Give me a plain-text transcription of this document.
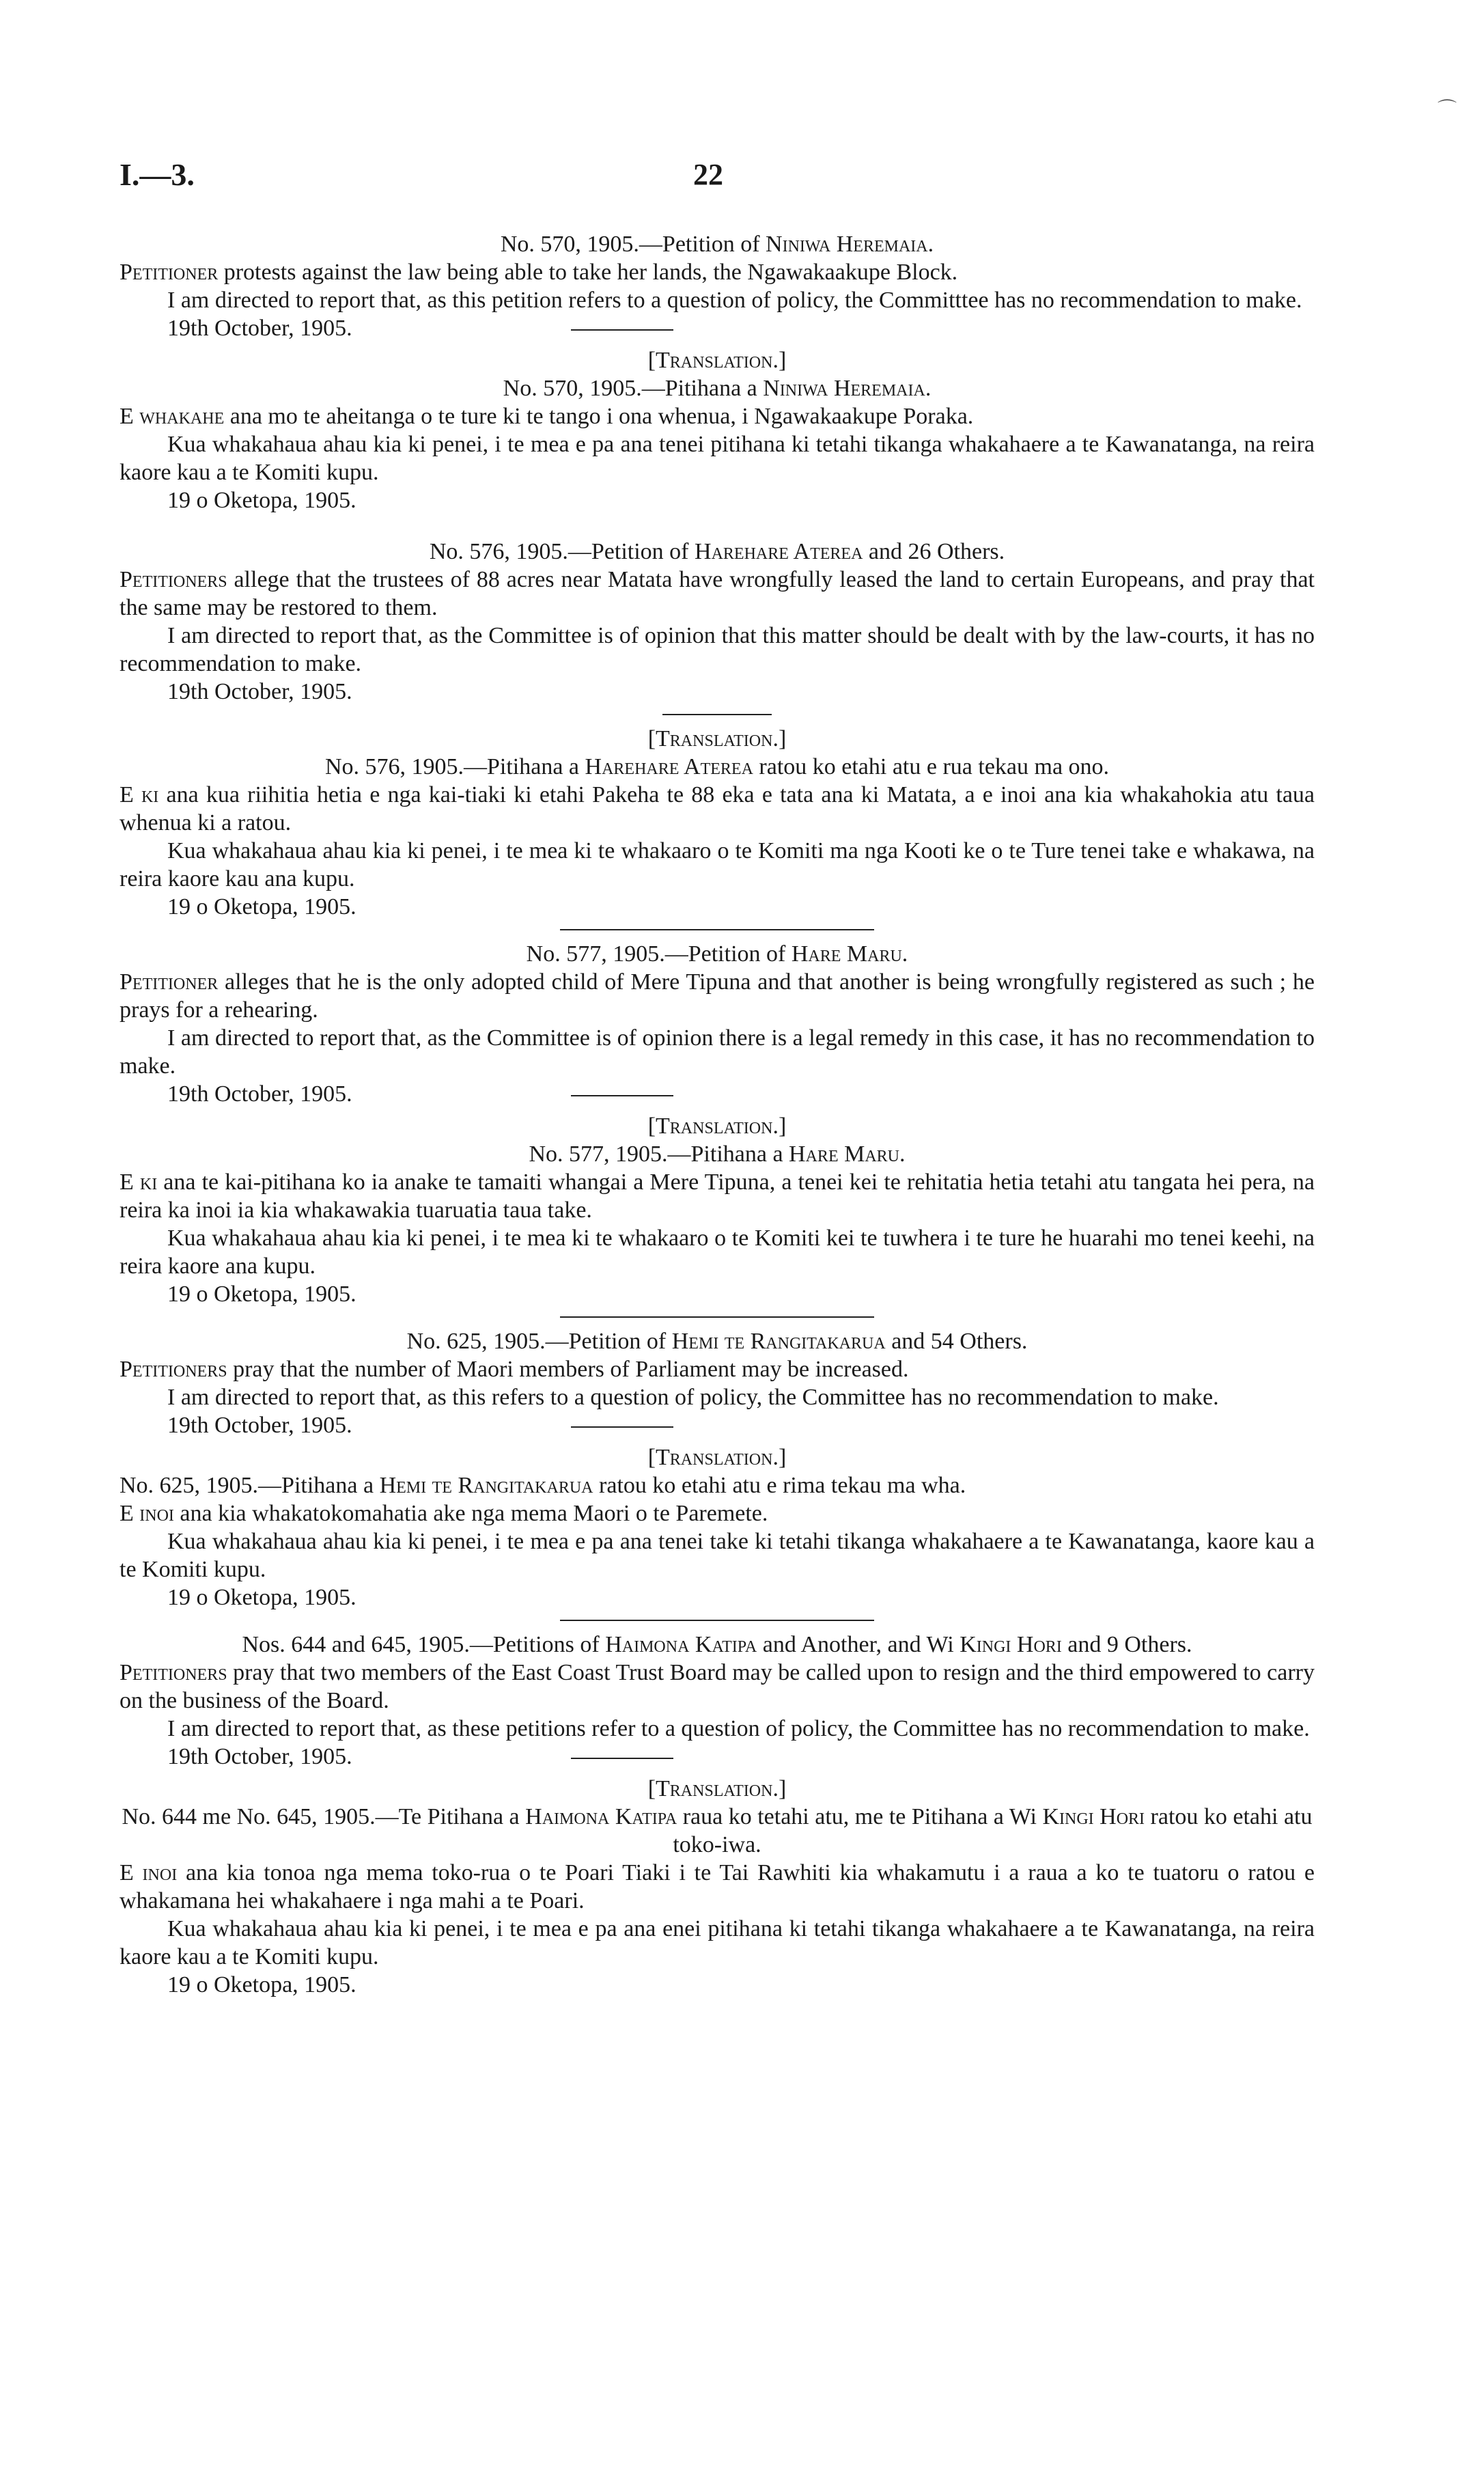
⌒
I.—3.	22

No. 570, 1905.—Petition of Niniwa Heremaia.

Petitioner protests against the law being able to take her lands, the Ngawakaakupe Block.

I am directed to report that, as this petition refers to a question of policy, the Committtee has no recommendation to make.

19th October, 1905.

[Translation.]

No. 570, 1905.—Pitihana a Niniwa Heremaia.

E whakahe ana mo te aheitanga o te ture ki te tango i ona whenua, i Ngawakaakupe Poraka.

Kua whakahaua ahau kia ki penei, i te mea e pa ana tenei pitihana ki tetahi tikanga whakahaere a te Kawanatanga, na reira kaore kau a te Komiti kupu.

19 o Oketopa, 1905.

No. 576, 1905.—Petition of Harehare Aterea and 26 Others.

Petitioners allege that the trustees of 88 acres near Matata have wrongfully leased the land to certain Europeans, and pray that the same may be restored to them.

I am directed to report that, as the Committee is of opinion that this matter should be dealt with by the law-courts, it has no recommendation to make.

19th October, 1905.

[Translation.]

No. 576, 1905.—Pitihana a Harehare Aterea ratou ko etahi atu e rua tekau ma ono.

E ki ana kua riihitia hetia e nga kai-tiaki ki etahi Pakeha te 88 eka e tata ana ki Matata, a e inoi ana kia whakahokia atu taua whenua ki a ratou.

Kua whakahaua ahau kia ki penei, i te mea ki te whakaaro o te Komiti ma nga Kooti ke o te Ture tenei take e whakawa, na reira kaore kau ana kupu.

19 o Oketopa, 1905.

No. 577, 1905.—Petition of Hare Maru.

Petitioner alleges that he is the only adopted child of Mere Tipuna and that another is being wrongfully registered as such ; he prays for a rehearing.

I am directed to report that, as the Committee is of opinion there is a legal remedy in this case, it has no recommendation to make.

19th October, 1905.

[Translation.]

No. 577, 1905.—Pitihana a Hare Maru.

E ki ana te kai-pitihana ko ia anake te tamaiti whangai a Mere Tipuna, a tenei kei te rehitatia hetia tetahi atu tangata hei pera, na reira ka inoi ia kia whakawakia tuaruatia taua take.

Kua whakahaua ahau kia ki penei, i te mea ki te whakaaro o te Komiti kei te tuwhera i te ture he huarahi mo tenei keehi, na reira kaore ana kupu.

19 o Oketopa, 1905.

No. 625, 1905.—Petition of Hemi te Rangitakarua and 54 Others.

Petitioners pray that the number of Maori members of Parliament may be increased.

I am directed to report that, as this refers to a question of policy, the Committee has no recommendation to make.

19th October, 1905.

[Translation.]

No. 625, 1905.—Pitihana a Hemi te Rangitakarua ratou ko etahi atu e rima tekau ma wha.

E inoi ana kia whakatokomahatia ake nga mema Maori o te Paremete.

Kua whakahaua ahau kia ki penei, i te mea e pa ana tenei take ki tetahi tikanga whakahaere a te Kawanatanga, kaore kau a te Komiti kupu.

19 o Oketopa, 1905.

Nos. 644 and 645, 1905.—Petitions of Haimona Katipa and Another, and Wi Kingi Hori and 9 Others.

Petitioners pray that two members of the East Coast Trust Board may be called upon to resign and the third empowered to carry on the business of the Board.

I am directed to report that, as these petitions refer to a question of policy, the Committee has no recommendation to make.

19th October, 1905.

[Translation.]

No. 644 me No. 645, 1905.—Te Pitihana a Haimona Katipa raua ko tetahi atu, me te Pitihana a Wi Kingi Hori ratou ko etahi atu toko-iwa.

E inoi ana kia tonoa nga mema toko-rua o te Poari Tiaki i te Tai Rawhiti kia whakamutu i a raua a ko te tuatoru o ratou e whakamana hei whakahaere i nga mahi a te Poari.

Kua whakahaua ahau kia ki penei, i te mea e pa ana enei pitihana ki tetahi tikanga whakahaere a te Kawanatanga, na reira kaore kau a te Komiti kupu.

19 o Oketopa, 1905.
